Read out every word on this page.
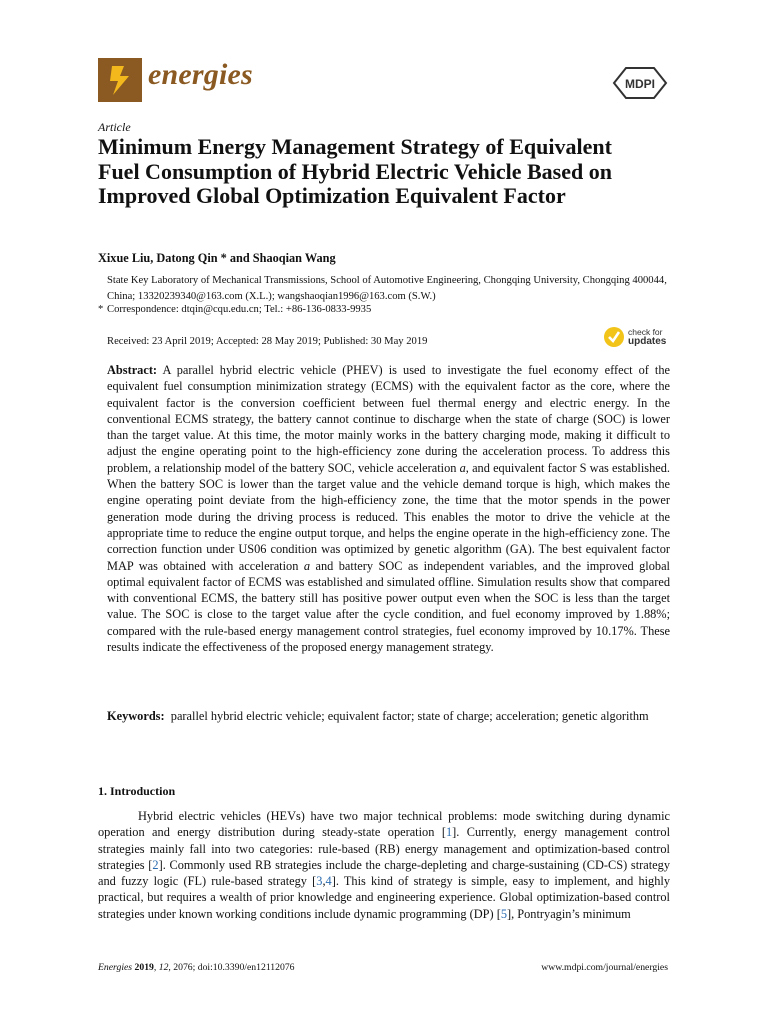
energies	MDPI
Article
Minimum Energy Management Strategy of Equivalent Fuel Consumption of Hybrid Electric Vehicle Based on Improved Global Optimization Equivalent Factor
Xixue Liu, Datong Qin * and Shaoqian Wang
State Key Laboratory of Mechanical Transmissions, School of Automotive Engineering, Chongqing University, Chongqing 400044, China; 13320239340@163.com (X.L.); wangshaoqian1996@163.com (S.W.)
* Correspondence: dtqin@cqu.edu.cn; Tel.: +86-136-0833-9935
Received: 23 April 2019; Accepted: 28 May 2019; Published: 30 May 2019
check for
updates
Abstract: A parallel hybrid electric vehicle (PHEV) is used to investigate the fuel economy effect of the equivalent fuel consumption minimization strategy (ECMS) with the equivalent factor as the core, where the equivalent factor is the conversion coefficient between fuel thermal energy and electric energy. In the conventional ECMS strategy, the battery cannot continue to discharge when the state of charge (SOC) is lower than the target value. At this time, the motor mainly works in the battery charging mode, making it difficult to adjust the engine operating point to the high-efficiency zone during the acceleration process. To address this problem, a relationship model of the battery SOC, vehicle acceleration a, and equivalent factor S was established. When the battery SOC is lower than the target value and the vehicle demand torque is high, which makes the engine operating point deviate from the high-efficiency zone, the time that the motor spends in the power generation mode during the driving process is reduced. This enables the motor to drive the vehicle at the appropriate time to reduce the engine output torque, and helps the engine operate in the high-efficiency zone. The correction function under US06 condition was optimized by genetic algorithm (GA). The best equivalent factor MAP was obtained with acceleration a and battery SOC as independent variables, and the improved global optimal equivalent factor of ECMS was established and simulated offline. Simulation results show that compared with conventional ECMS, the battery still has positive power output even when the SOC is less than the target value. The SOC is close to the target value after the cycle condition, and fuel economy improved by 1.88%; compared with the rule-based energy management control strategies, fuel economy improved by 10.17%. These results indicate the effectiveness of the proposed energy management strategy.
Keywords: parallel hybrid electric vehicle; equivalent factor; state of charge; acceleration; genetic algorithm
1. Introduction
Hybrid electric vehicles (HEVs) have two major technical problems: mode switching during dynamic operation and energy distribution during steady-state operation [1]. Currently, energy management control strategies mainly fall into two categories: rule-based (RB) energy management and optimization-based control strategies [2]. Commonly used RB strategies include the charge-depleting and charge-sustaining (CD-CS) strategy and fuzzy logic (FL) rule-based strategy [3,4]. This kind of strategy is simple, easy to implement, and highly practical, but requires a wealth of prior knowledge and engineering experience. Global optimization-based control strategies under known working conditions include dynamic programming (DP) [5], Pontryagin’s minimum
Energies 2019, 12, 2076; doi:10.3390/en12112076	www.mdpi.com/journal/energies
